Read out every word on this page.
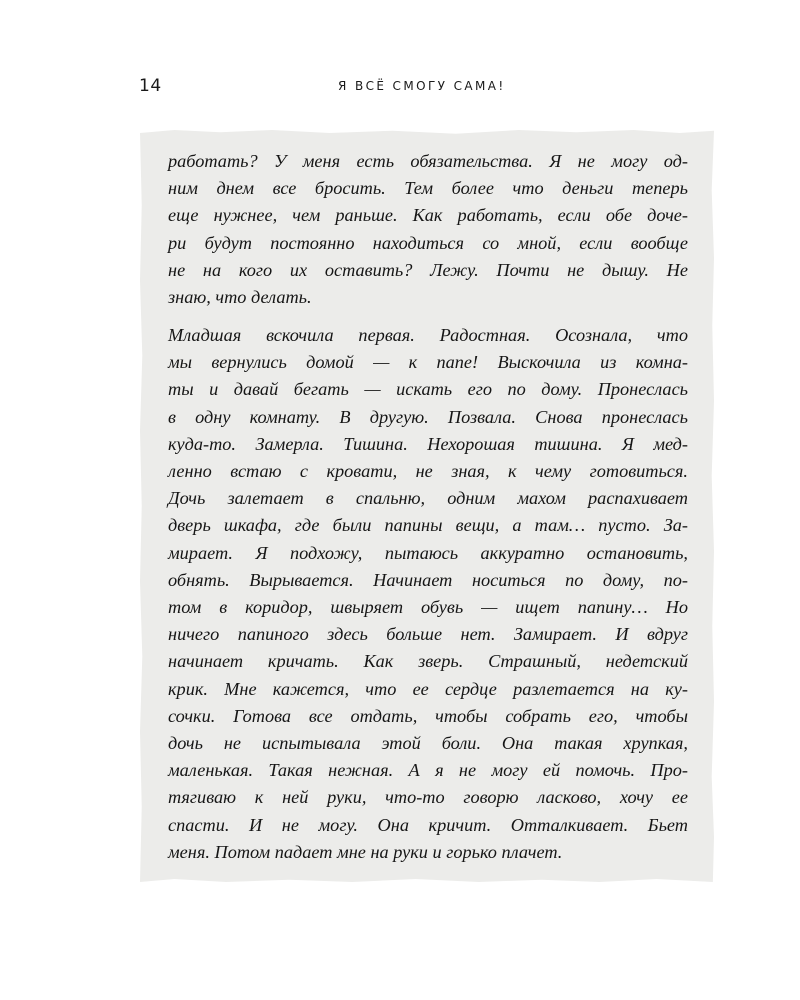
14	Я ВСЁ СМОГУ САМА!
работать? У меня есть обязательства. Я не могу од-
ним днем все бросить. Тем более что деньги теперь
еще нужнее, чем раньше. Как работать, если обе доче-
ри будут постоянно находиться со мной, если вообще
не на кого их оставить? Лежу. Почти не дышу. Не
знаю, что делать.
Младшая вскочила первая. Радостная. Осознала, что
мы вернулись домой — к папе! Выскочила из комна-
ты и давай бегать — искать его по дому. Пронеслась
в одну комнату. В другую. Позвала. Снова пронеслась
куда-то. Замерла. Тишина. Нехорошая тишина. Я мед-
ленно встаю с кровати, не зная, к чему готовиться.
Дочь залетает в спальню, одним махом распахивает
дверь шкафа, где были папины вещи, а там… пусто. За-
мирает. Я подхожу, пытаюсь аккуратно остановить,
обнять. Вырывается. Начинает носиться по дому, по-
том в коридор, швыряет обувь — ищет папину… Но
ничего папиного здесь больше нет. Замирает. И вдруг
начинает кричать. Как зверь. Страшный, недетский
крик. Мне кажется, что ее сердце разлетается на ку-
сочки. Готова все отдать, чтобы собрать его, чтобы
дочь не испытывала этой боли. Она такая хрупкая,
маленькая. Такая нежная. А я не могу ей помочь. Про-
тягиваю к ней руки, что-то говорю ласково, хочу ее
спасти. И не могу. Она кричит. Отталкивает. Бьет
меня. Потом падает мне на руки и горько плачет.
